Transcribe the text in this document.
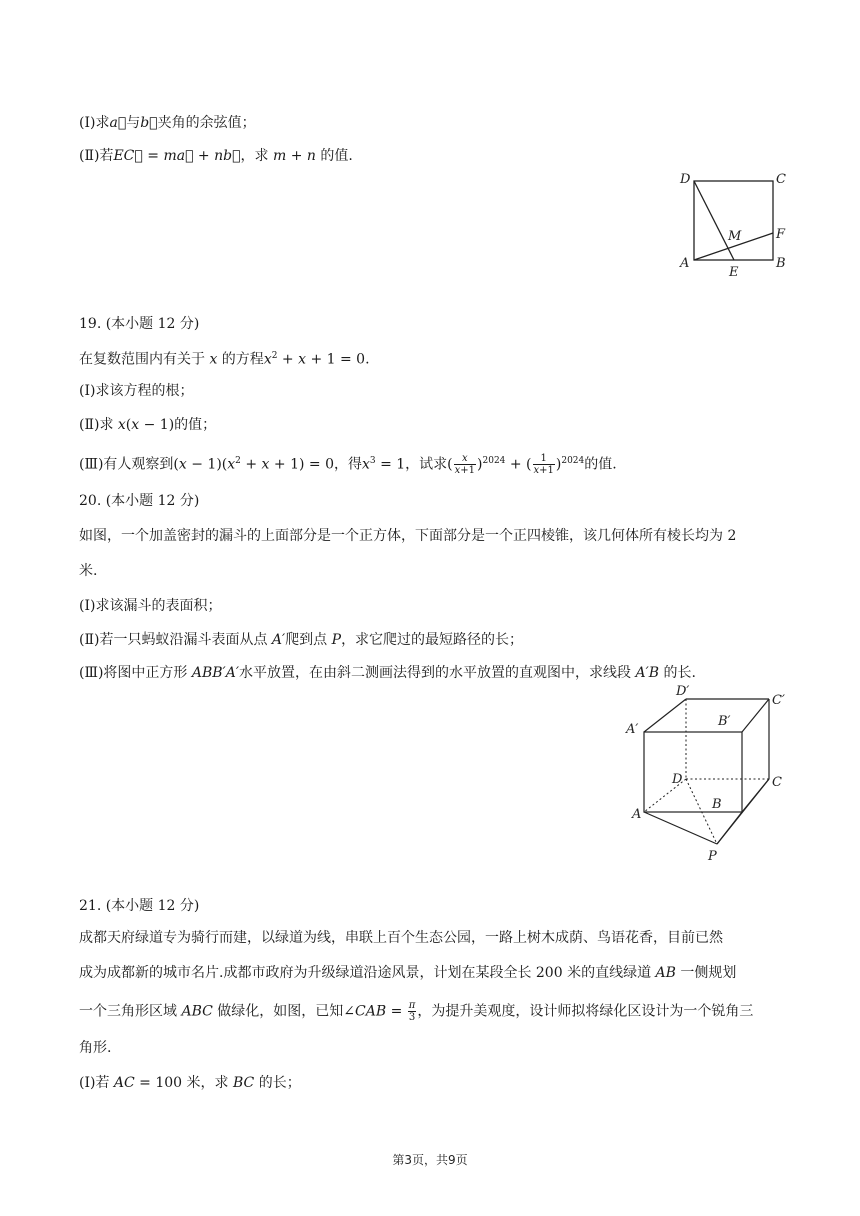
(Ⅰ)求a⃗与b⃗夹角的余弦值；
(Ⅱ)若EC⃗ = ma⃗ + nb⃗，求 m + n 的值.
D	C
M	F
A
E
B
19. (本小题 12 分)
在复数范围内有关于 x 的方程$x^2 + x + 1 = 0$.
(Ⅰ)求该方程的根；
(Ⅱ)求 x(x − 1)的值；
(Ⅲ)有人观察到$(x - 1)(x^2 + x + 1) = 0$，得$x^3 = 1$，试求( $\frac{x}{x+1} )^{2024}$ + ( $\frac{1}{x+1} )^{2024}$的值.
20. (本小题 12 分)
如图，一个加盖密封的漏斗的上面部分是一个正方体，下面部分是一个正四棱锥，该几何体所有棱长均为 2
米.
(Ⅰ)求该漏斗的表面积；
(Ⅱ)若一只蚂蚁沿漏斗表面从点 A′爬到点 P，求它爬过的最短路径的长；
(Ⅲ)将图中正方形 ABB′A′水平放置，在由斜二测画法得到的水平放置的直观图中，求线段 A′B 的长.
D′
C′
A′
B′
D	C
B
A
P
21. (本小题 12 分)
成都天府绿道专为骑行而建，以绿道为线，串联上百个生态公园，一路上树木成荫、鸟语花香，目前已然
成为成都新的城市名片.成都市政府为升级绿道沿途风景，计划在某段全长 200 米的直线绿道 AB 一侧规划
一个三角形区域 ABC 做绿化，如图，已知∠CAB = $\frac{\pi}{3}$ ，为提升美观度，设计师拟将绿化区设计为一个锐角三
角形.
(Ⅰ)若 AC = 100 米，求 BC 的长；
第3页，共9页
